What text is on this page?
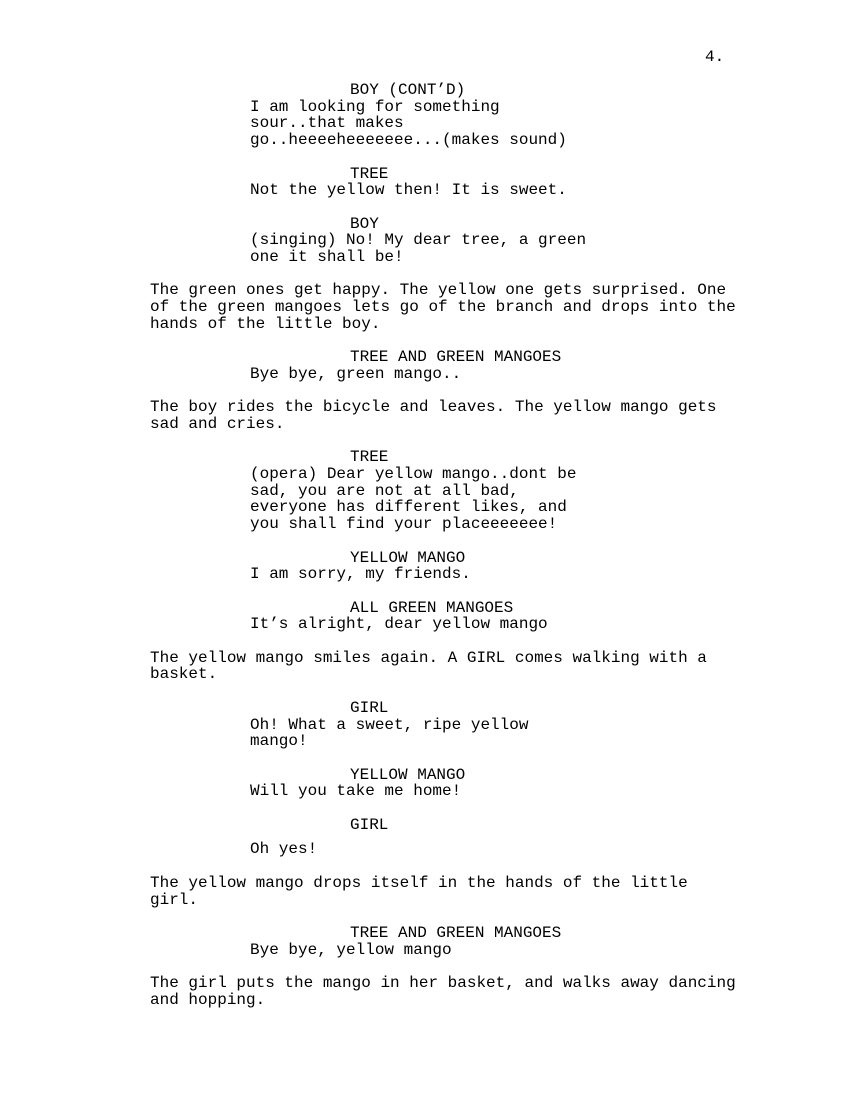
4.
BOY (CONT’D)
I am looking for something
sour..that makes
go..heeeeheeeeeee...(makes sound)
TREE
Not the yellow then! It is sweet.
BOY
(singing) No! My dear tree, a green
one it shall be!
The green ones get happy. The yellow one gets surprised. One
of the green mangoes lets go of the branch and drops into the
hands of the little boy.
TREE AND GREEN MANGOES
Bye bye, green mango..
The boy rides the bicycle and leaves. The yellow mango gets
sad and cries.
TREE
(opera) Dear yellow mango..dont be
sad, you are not at all bad,
everyone has different likes, and
you shall find your placeeeeeee!
YELLOW MANGO
I am sorry, my friends.
ALL GREEN MANGOES
It’s alright, dear yellow mango
The yellow mango smiles again. A GIRL comes walking with a
basket.
GIRL
Oh! What a sweet, ripe yellow
mango!
YELLOW MANGO
Will you take me home!
GIRL
Oh yes!
The yellow mango drops itself in the hands of the little
girl.
TREE AND GREEN MANGOES
Bye bye, yellow mango
The girl puts the mango in her basket, and walks away dancing
and hopping.
